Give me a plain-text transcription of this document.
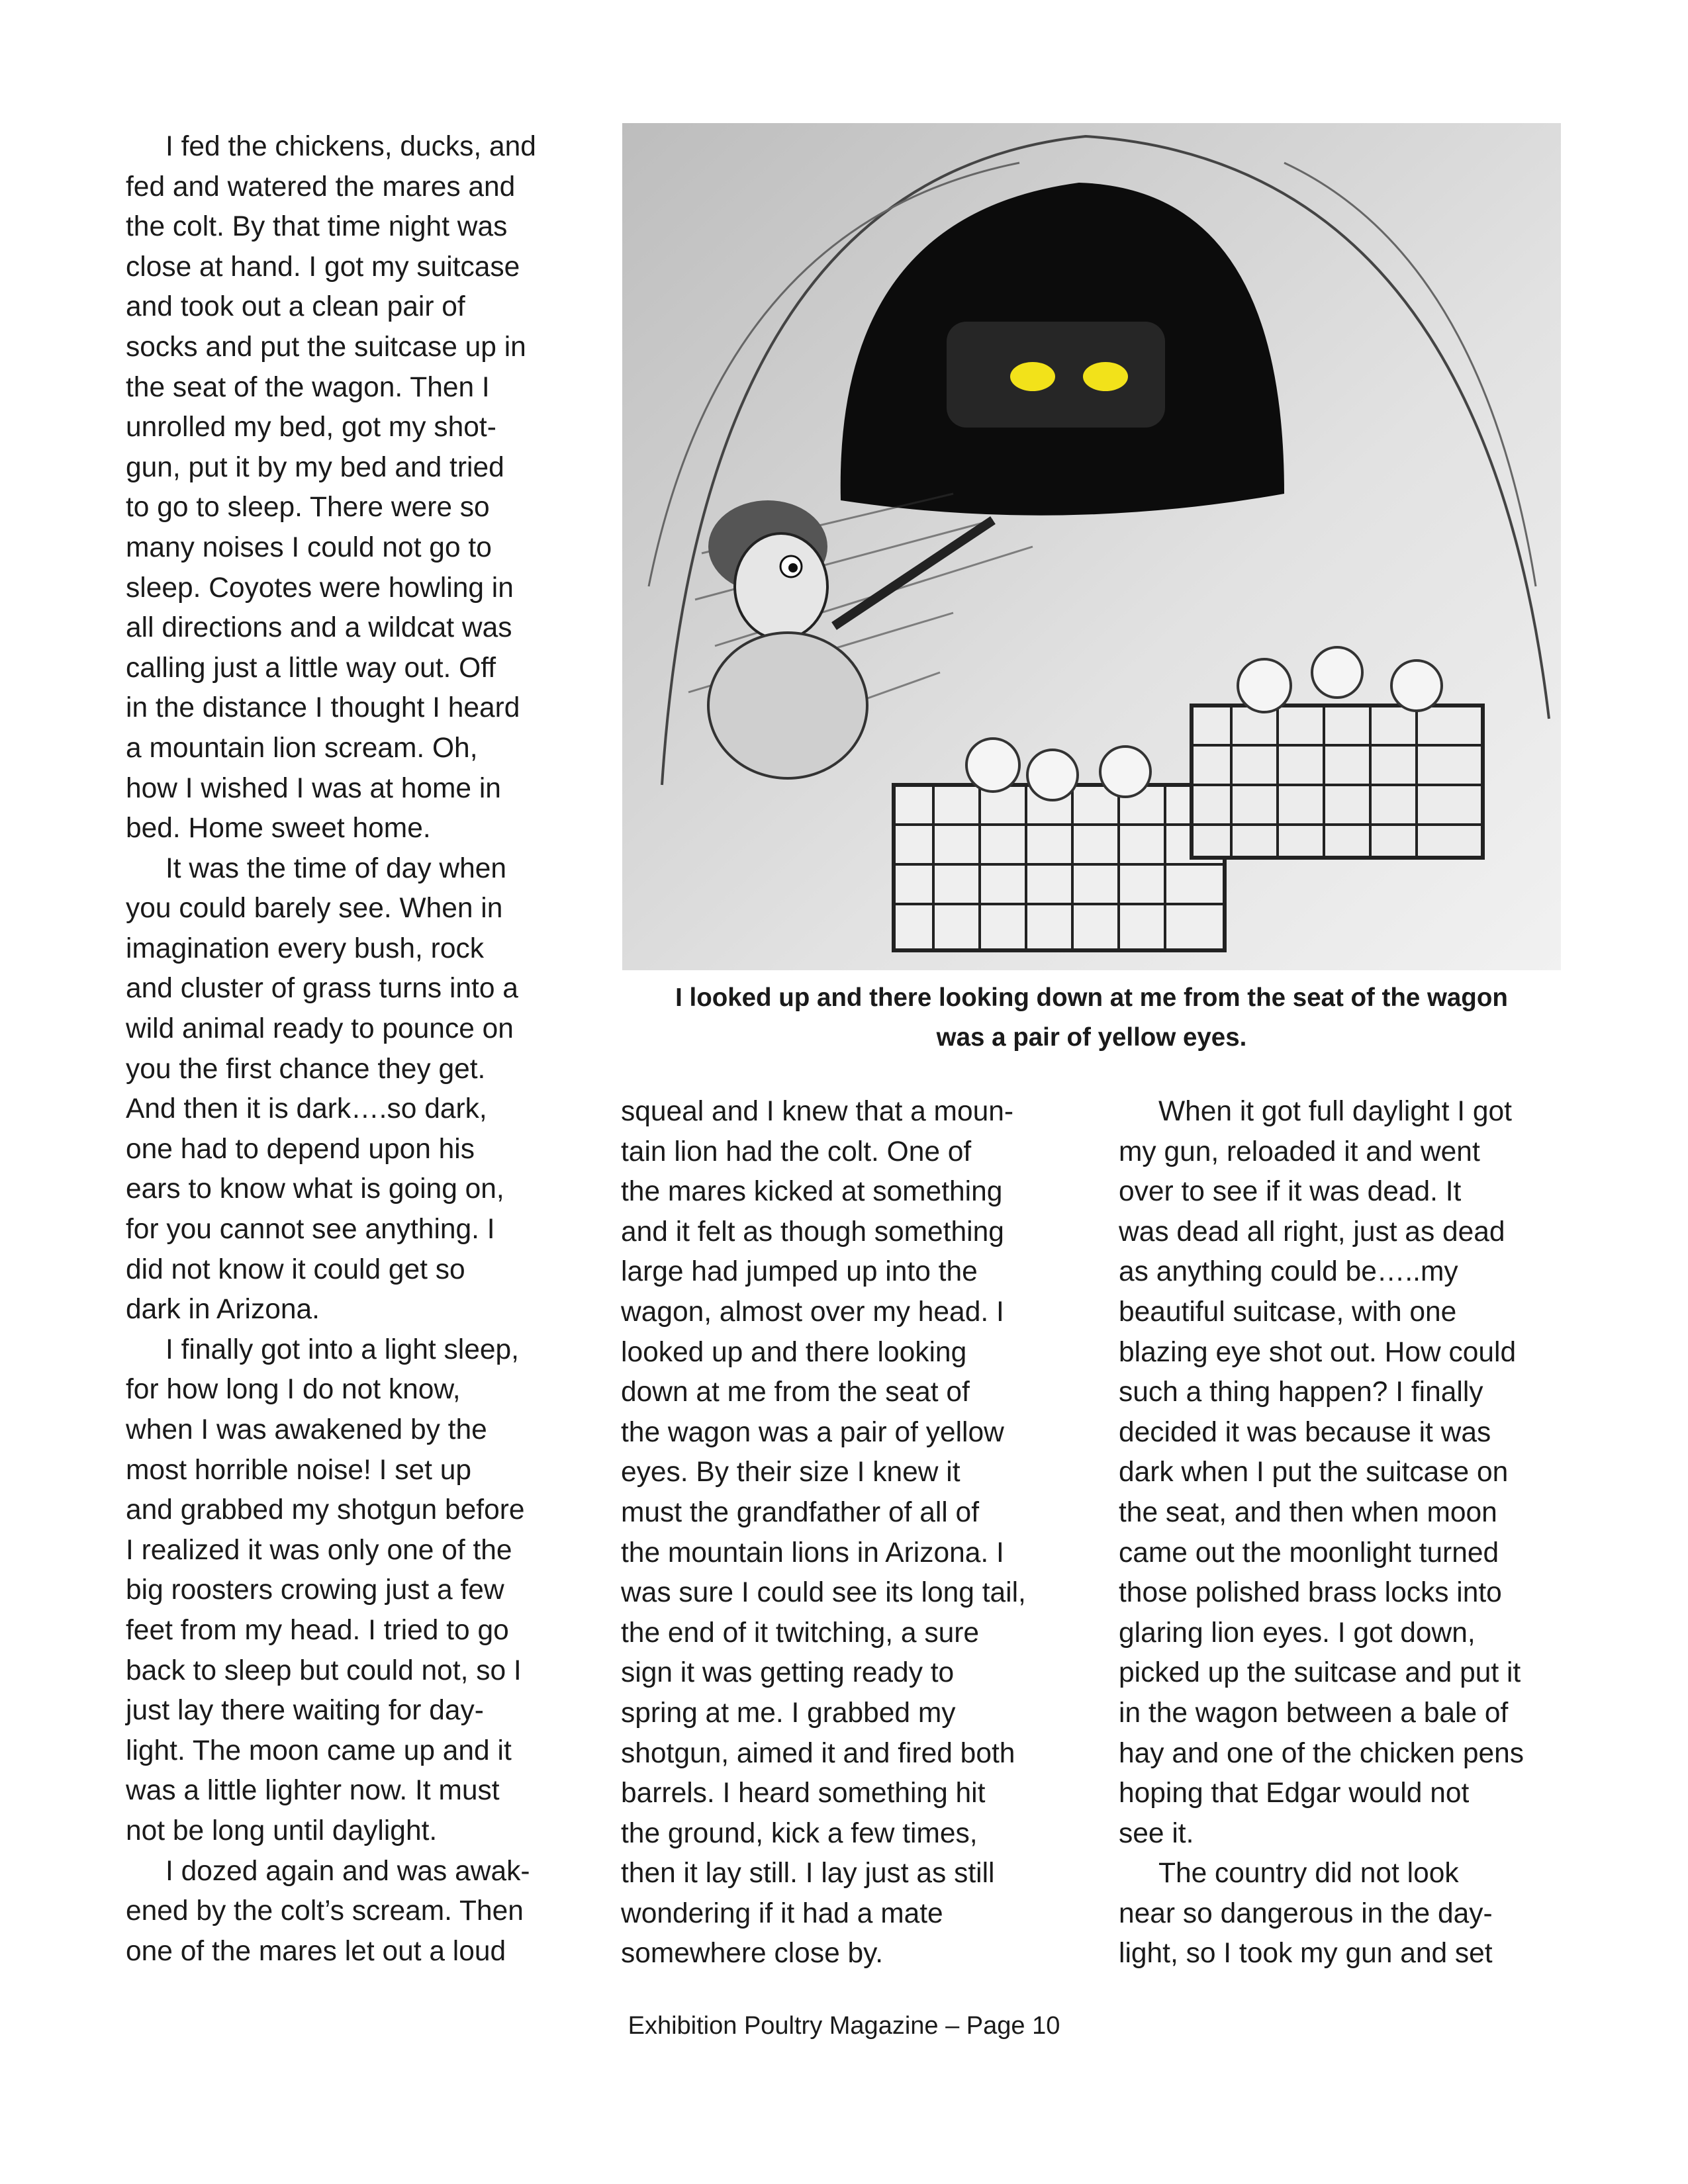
I fed the chickens, ducks, and
fed and watered the mares and
the colt. By that time night was
close at hand. I got my suitcase
and took out a clean pair of
socks and put the suitcase up in
the seat of the wagon. Then I
unrolled my bed, got my shot-
gun, put it by my bed and tried
to go to sleep. There were so
many noises I could not go to
sleep. Coyotes were howling in
all directions and a wildcat was
calling just a little way out. Off
in the distance I thought I heard
a mountain lion scream. Oh,
how I wished I was at home in
bed. Home sweet home.
It was the time of day when
you could barely see. When in
imagination every bush, rock
and cluster of grass turns into a
wild animal ready to pounce on
you the first chance they get.
And then it is dark….so dark,
one had to depend upon his
ears to know what is going on,
for you cannot see anything. I
did not know it could get so
dark in Arizona.
I finally got into a light sleep,
for how long I do not know,
when I was awakened by the
most horrible noise! I set up
and grabbed my shotgun before
I realized it was only one of the
big roosters crowing just a few
feet from my head. I tried to go
back to sleep but could not, so I
just lay there waiting for day-
light. The moon came up and it
was a little lighter now. It must
not be long until daylight.
I dozed again and was awak-
ened by the colt’s scream. Then
one of the mares let out a loud
squeal and I knew that a moun-
tain lion had the colt. One of
the mares kicked at something
and it felt as though something
large had jumped up into the
wagon, almost over my head. I
looked up and there looking
down at me from the seat of
the wagon was a pair of yellow
eyes. By their size I knew it
must the grandfather of all of
the mountain lions in Arizona. I
was sure I could see its long tail,
the end of it twitching, a sure
sign it was getting ready to
spring at me. I grabbed my
shotgun, aimed it and fired both
barrels. I heard something hit
the ground, kick a few times,
then it lay still. I lay just as still
wondering if it had a mate
somewhere close by.
When it got full daylight I got
my gun, reloaded it and went
over to see if it was dead. It
was dead all right, just as dead
as anything could be…..my
beautiful suitcase, with one
blazing eye shot out. How could
such a thing happen? I finally
decided it was because it was
dark when I put the suitcase on
the seat, and then when moon
came out the moonlight turned
those polished brass locks into
glaring lion eyes. I got down,
picked up the suitcase and put it
in the wagon between a bale of
hay and one of the chicken pens
hoping that Edgar would not
see it.
The country did not look
near so dangerous in the day-
light, so I took my gun and set
I looked up and there looking down at me from the seat of the wagon
was a pair of yellow eyes.
Exhibition Poultry Magazine – Page 10
